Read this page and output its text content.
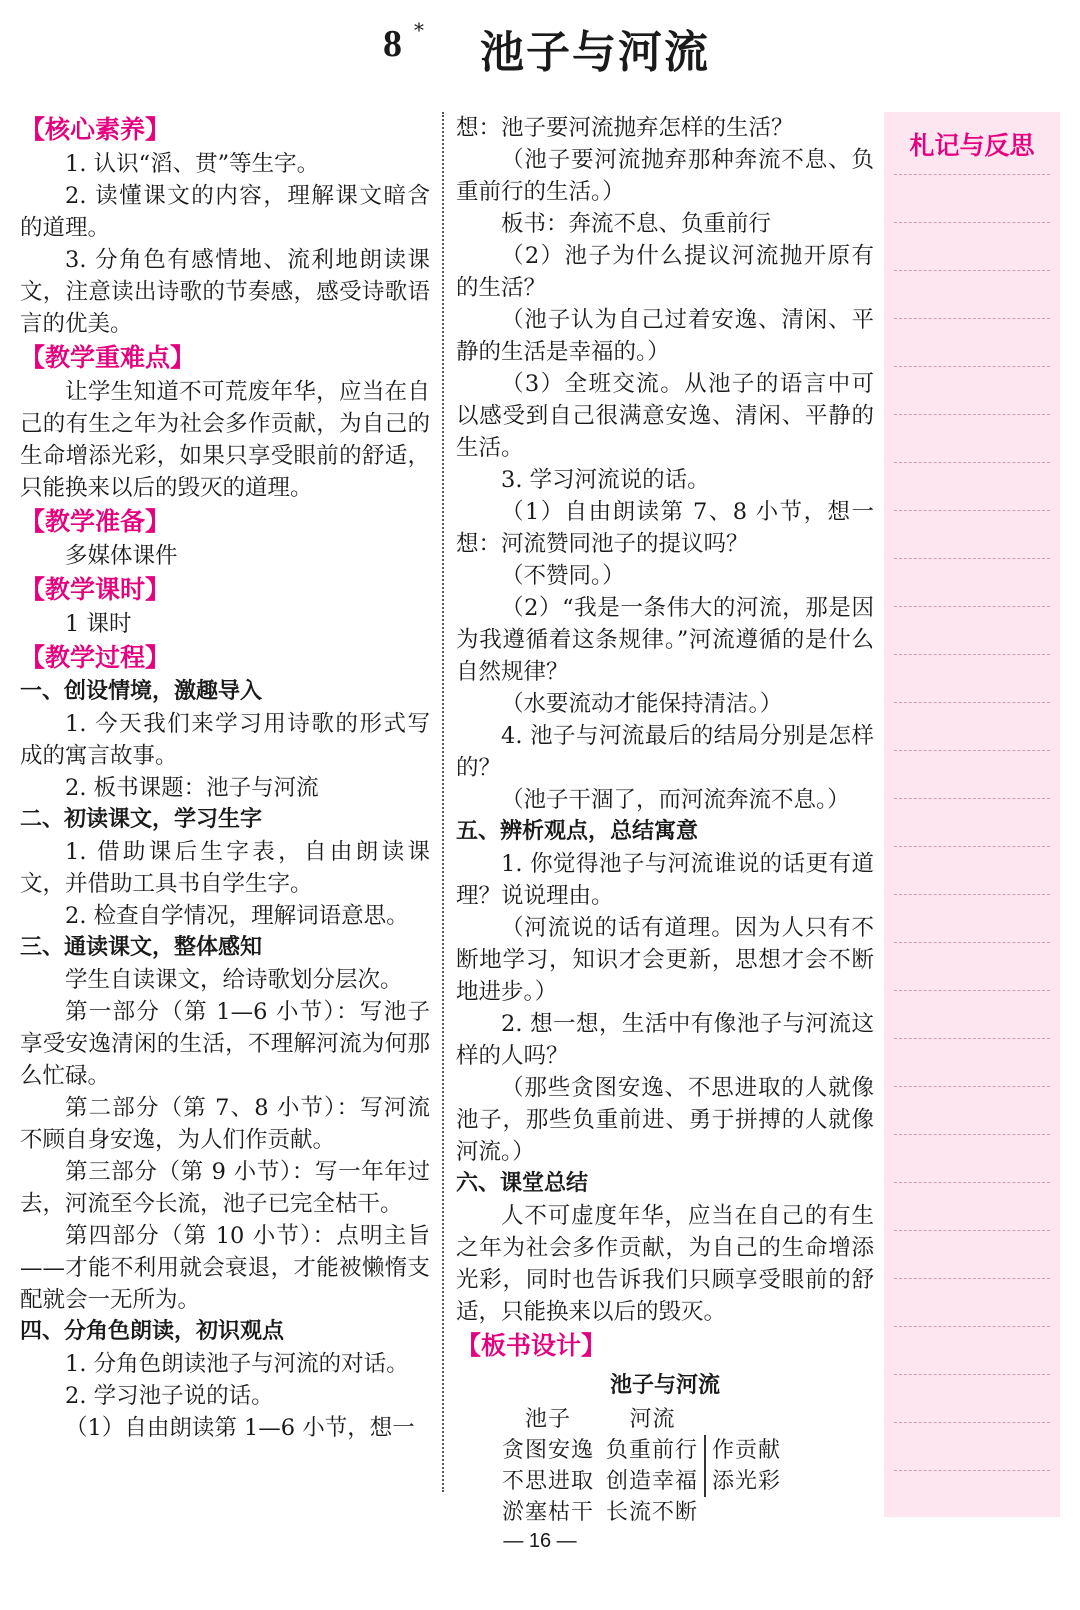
8 * 池子与河流

【核心素养】

1. 认识“滔、贯”等生字。

2. 读懂课文的内容，理解课文暗含的道理。

3. 分角色有感情地、流利地朗读课文，注意读出诗歌的节奏感，感受诗歌语言的优美。

【教学重难点】

让学生知道不可荒废年华，应当在自己的有生之年为社会多作贡献，为自己的生命增添光彩，如果只享受眼前的舒适，只能换来以后的毁灭的道理。

【教学准备】

多媒体课件

【教学课时】

1 课时

【教学过程】

一、创设情境，激趣导入

1. 今天我们来学习用诗歌的形式写成的寓言故事。

2. 板书课题：池子与河流

二、初读课文，学习生字

1. 借助课后生字表，自由朗读课文，并借助工具书自学生字。

2. 检查自学情况，理解词语意思。

三、通读课文，整体感知

学生自读课文，给诗歌划分层次。

第一部分（第 1—6 小节）：写池子享受安逸清闲的生活，不理解河流为何那么忙碌。

第二部分（第 7、8 小节）：写河流不顾自身安逸，为人们作贡献。

第三部分（第 9 小节）：写一年年过去，河流至今长流，池子已完全枯干。

第四部分（第 10 小节）：点明主旨——才能不利用就会衰退，才能被懒惰支配就会一无所为。

四、分角色朗读，初识观点

1. 分角色朗读池子与河流的对话。

2. 学习池子说的话。

（1）自由朗读第 1—6 小节，想一

想：池子要河流抛弃怎样的生活？

（池子要河流抛弃那种奔流不息、负重前行的生活。）

板书：奔流不息、负重前行

（2）池子为什么提议河流抛开原有的生活？

（池子认为自己过着安逸、清闲、平静的生活是幸福的。）

（3）全班交流。从池子的语言中可以感受到自己很满意安逸、清闲、平静的生活。

3. 学习河流说的话。

（1）自由朗读第 7、8 小节，想一想：河流赞同池子的提议吗？

（不赞同。）

（2）“我是一条伟大的河流，那是因为我遵循着这条规律。”河流遵循的是什么自然规律？

（水要流动才能保持清洁。）

4. 池子与河流最后的结局分别是怎样的？

（池子干涸了，而河流奔流不息。）

五、辨析观点，总结寓意

1. 你觉得池子与河流谁说的话更有道理？说说理由。

（河流说的话有道理。因为人只有不断地学习，知识才会更新，思想才会不断地进步。）

2. 想一想，生活中有像池子与河流这样的人吗？

（那些贪图安逸、不思进取的人就像池子，那些负重前进、勇于拼搏的人就像河流。）

六、课堂总结

人不可虚度年华，应当在自己的有生之年为社会多作贡献，为自己的生命增添光彩，同时也告诉我们只顾享受眼前的舒适，只能换来以后的毁灭。

【板书设计】

池子与河流

池子	河流	
贪图安逸	负重前行	作贡献
不思进取	创造幸福	添光彩
淤塞枯干	长流不断	
札记与反思
— 16 —
